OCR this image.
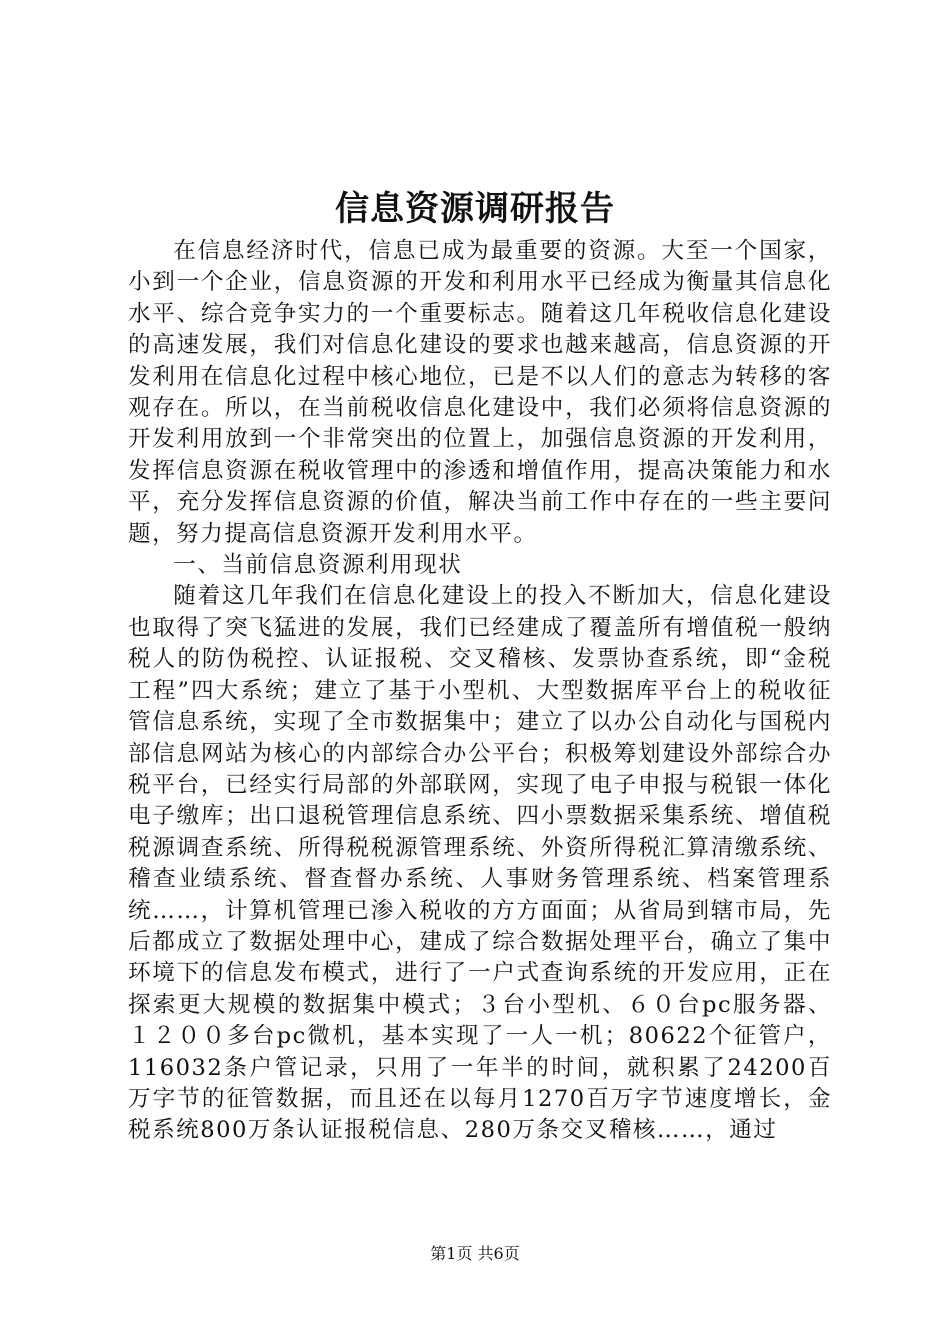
信息资源调研报告

在信息经济时代，信息已成为最重要的资源。大至一个国家，小到一个企业，信息资源的开发和利用水平已经成为衡量其信息化水平、综合竞争实力的一个重要标志。随着这几年税收信息化建设的高速发展，我们对信息化建设的要求也越来越高，信息资源的开发利用在信息化过程中核心地位，已是不以人们的意志为转移的客观存在。所以，在当前税收信息化建设中，我们必须将信息资源的开发利用放到一个非常突出的位置上，加强信息资源的开发利用，发挥信息资源在税收管理中的渗透和增值作用，提高决策能力和水平，充分发挥信息资源的价值，解决当前工作中存在的一些主要问题，努力提高信息资源开发利用水平。

一、当前信息资源利用现状

随着这几年我们在信息化建设上的投入不断加大，信息化建设也取得了突飞猛进的发展，我们已经建成了覆盖所有增值税一般纳税人的防伪税控、认证报税、交叉稽核、发票协查系统，即“金税工程”四大系统；建立了基于小型机、大型数据库平台上的税收征管信息系统，实现了全市数据集中；建立了以办公自动化与国税内部信息网站为核心的内部综合办公平台；积极筹划建设外部综合办税平台，已经实行局部的外部联网，实现了电子申报与税银一体化电子缴库；出口退税管理信息系统、四小票数据采集系统、增值税税源调查系统、所得税税源管理系统、外资所得税汇算清缴系统、稽查业绩系统、督查督办系统、人事财务管理系统、档案管理系统……，计算机管理已渗入税收的方方面面；从省局到辖市局，先后都成立了数据处理中心，建成了综合数据处理平台，确立了集中环境下的信息发布模式，进行了一户式查询系统的开发应用，正在探索更大规模的数据集中模式；３台小型机、６０台pc服务器、１２００多台pc微机，基本实现了一人一机；80622个征管户，116032条户管记录，只用了一年半的时间，就积累了24200百万字节的征管数据，而且还在以每月1270百万字节速度增长，金税系统800万条认证报税信息、280万条交叉稽核……，通过

第1页 共6页
